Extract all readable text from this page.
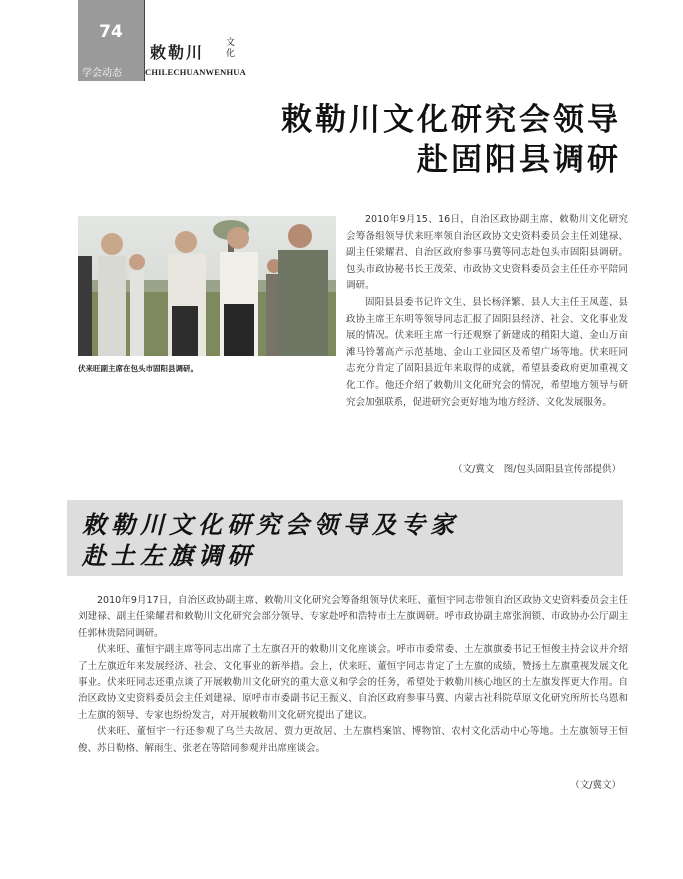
74
学会动态
敕勒川 文化
CHILECHUANWENHUA
敕勒川文化研究会领导
赴固阳县调研
伏来旺副主席在包头市固阳县调研。

2010年9月15、16日，自治区政协副主席、敕勒川文化研究会筹备组领导伏来旺率领自治区政协文史资料委员会主任刘建禄、副主任梁耀君、自治区政府参事马冀等同志赴包头市固阳县调研。包头市政协秘书长王茂荣、市政协文史资料委员会主任任亦平陪同调研。

固阳县县委书记许文生、县长杨泽繁、县人大主任王凤莲、县政协主席王东明等领导同志汇报了固阳县经济、社会、文化事业发展的情况。伏来旺主席一行还观察了新建成的稍阳大道、金山万亩滩马铃薯高产示范基地、金山工业园区及希望广场等地。伏来旺同志充分肯定了固阳县近年来取得的成就，希望县委政府更加重视文化工作。他还介绍了敕勒川文化研究会的情况，希望地方领导与研究会加强联系，促进研究会更好地为地方经济、文化发展服务。

（文/冀文　图/包头固阳县宣传部提供）
敕勒川文化研究会领导及专家
赴土左旗调研

2010年9月17日，自治区政协副主席、敕勒川文化研究会筹备组领导伏来旺、董恒宇同志带领自治区政协文史资料委员会主任刘建禄、副主任梁耀君和敕勒川文化研究会部分领导、专家赴呼和浩特市土左旗调研。呼市政协副主席张润锁、市政协办公厅副主任郭林贵陪同调研。

伏来旺、董恒宇副主席等同志出席了土左旗召开的敕勒川文化座谈会。呼市市委常委、土左旗旗委书记王恒俊主持会议并介绍了土左旗近年来发展经济、社会、文化事业的新举措。会上，伏来旺、董恒宇同志肯定了土左旗的成绩，赞扬土左旗重视发展文化事业。伏来旺同志还重点谈了开展敕勒川文化研究的重大意义和学会的任务，希望处于敕勒川核心地区的土左旗发挥更大作用。自治区政协文史资料委员会主任刘建禄、原呼市市委副书记王振义、自治区政府参事马冀、内蒙古社科院草原文化研究所所长乌恩和土左旗的领导、专家也纷纷发言，对开展敕勒川文化研究提出了建议。

伏来旺、董恒宇一行还参观了乌兰夫故居、贾力更故居、土左旗档案馆、博物馆、农村文化活动中心等地。土左旗领导王恒俊、苏日勒格、解雨生、张老在等陪同参观并出席座谈会。

（文/冀文）
